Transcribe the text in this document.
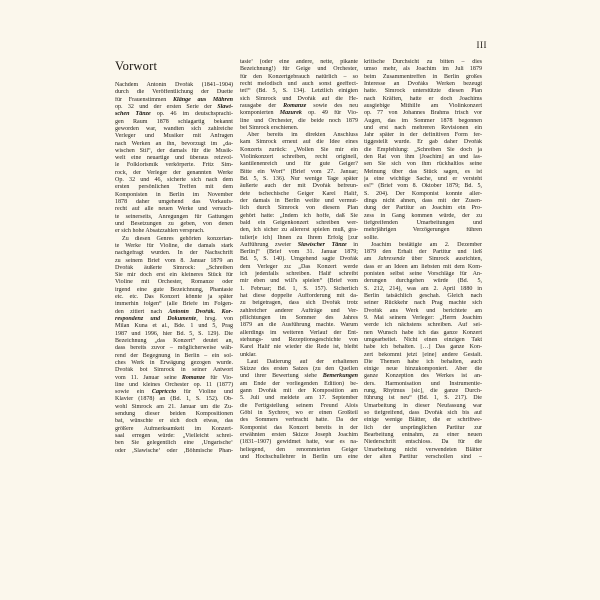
III
Vorwort
Nachdem Antonín Dvořák (1841–1904)
durch die Veröffentlichung der Duette
für Frauenstimmen Klänge aus Mähren
op. 32 und der ersten Serie der Slawi-
schen Tänze op. 46 im deutschsprachi-
gen Raum 1878 schlagartig bekannt
geworden war, wandten sich zahlreiche
Verleger und Musiker mit Anfragen
nach Werken an ihn, bevorzugt im „da-
wischen Stil“, der damals für die Musik-
welt eine neuartige und überaus reizvol-
le Folklorismik verkörperte. Fritz Sim-
rock, der Verleger der genannten Werke
Op. 32 und 46, sicherte sich nach dem
ersten persönlichen Treffen mit dem
Komponisten in Berlin im November
1878 daher umgehend das Vorkaufs-
recht auf alle neuen Werke und versuch-
te seinerseits, Anregungen für Gattungen
und Besetzungen zu geben, von denen
er sich hohe Absatzzahlen versprach.
Zu diesen Genres gehörten konzertan-
te Werke für Violine, die damals stark
nachgefragt wurden. In der Nachschrift
zu seinem Brief vom 8. Januar 1879 an
Dvořák äußerte Simrock: „Schreiben
Sie mir doch erst ein kleineres Stück für
Violine mit Orchester, Romanze oder
irgend eine gute Bezeichnung, Phantasie
etc. etc. Das Konzert könnte ja später
immerhin folgen“ (alle Briefe im Folgen-
den zitiert nach Antonín Dvořák. Kor-
respondenz und Dokumente, hrsg. von
Milan Kuna et al., Bde. 1 und 5, Prag
1987 und 1996, hier Bd. 5, S. 129). Die
Bezeichnung „das Konzert“ deutet an,
dass bereits zuvor – möglicherweise wäh-
rend der Begegnung in Berlin – ein sol-
ches Werk in Erwägung gezogen wurde.
Dvořák bot Simrock in seiner Antwort
vom 11. Januar seine Romanze für Vio-
line und kleines Orchester op. 11 (1877)
sowie ein Capriccio für Violine und
Klavier (1878) an (Bd. 1, S. 152). Ob-
wohl Simrock am 21. Januar um die Zu-
sendung dieser beiden Kompositionen
bat, wünschte er sich doch etwas, das
größere Aufmerksamkeit im Konzert-
saal erregen würde: „Vielleicht schrei-
ben Sie gelegentlich eine ‚Ungarische‘
oder ‚Slawische‘ oder ‚Böhmische Phan-
tasie‘ (oder eine andere, nette, pikante
Bezeichnung!) für Geige und Orchester,
für den Konzertgebrauch natürlich – so
recht melodisch und auch sonst geeffect-
tet!“ (Bd. 5, S. 134). Letztlich einigten
sich Simrock und Dvořák auf die He-
rausgabe der Romanze sowie des neu
komponierten Mazurek op. 49 für Vio-
line und Orchester, die beide noch 1879
bei Simrock erschienen.
Aber bereits im direkten Anschluss
kam Simrock erneut auf die Idee eines
Konzerts zurück: „Wollen Sie mir ein
Violinkonzert schreiben, recht originell,
kantilenenreich und für gute Geiger?
Bitte ein Wort“ (Brief vom 27. Januar;
Bd. 5, S. 136). Nur wenige Tage später
äußerte auch der mit Dvořák befreun-
dete tschechische Geiger Karel Halíř,
der damals in Berlin weilte und vermut-
lich durch Simrock von diesem Plan
gehört hatte: „Indem ich hoffe, daß Sie
bald ein Geigenkonzert schreiben wer-
den, ich sicher zu allererst spielen muß, gra-
tulier[e ich] Ihnen zu Ihrem Erfolg [zur
Aufführung zweier Slawischer Tänze in
Berlin]“ (Brief vom 31. Januar 1879;
Bd. 5, S. 140). Umgehend sagte Dvořák
dem Verleger zu: „Das Konzert werde
ich jedenfalls schreiben. Halíř schreibt
mir eben und will's spielen“ (Brief vom
1. Februar; Bd. 1, S. 157). Sicherlich
hat diese doppelte Aufforderung mit da-
zu beigetragen, dass sich Dvořák trotz
zahlreicher anderer Aufträge und Ver-
pflichtungen im Sommer des Jahres
1879 an die Ausführung machte. Warum
allerdings im weiteren Verlauf der Ent-
stehungs- und Rezeptionsgeschichte von
Karel Halíř nie wieder die Rede ist, bleibt
unklar.
Laut Datierung auf der erhaltenen
Skizze des ersten Satzes (zu den Quellen
und ihrer Bewertung siehe Bemerkungen
am Ende der vorliegenden Edition) be-
gann Dvořák mit der Komposition am
5. Juli und meldete am 17. September
die Fertigstellung seinem Freund Alois
Göbl in Sychrov, wo er einen Großteil
des Sommers verbracht hatte. Da der
Komponist das Konzert bereits in der
erwähnten ersten Skizze Joseph Joachim
(1831–1907) gewidmet hatte, war es na-
heliegend, den renommierten Geiger
und Hochschullehrer in Berlin um eine
kritische Durchsicht zu bitten – dies
umso mehr, als Joachim im Juli 1879
beim Zusammentreffen in Berlin großes
Interesse an Dvořáks Werken bezeugt
hatte. Simrock unterstützte diesen Plan
nach Kräften, hatte er doch Joachims
ausgiebige Mithilfe am Violinkonzert
op. 77 von Johannes Brahms frisch vor
Augen, das im Sommer 1878 begonnen
und erst nach mehreren Revisionen ein
Jahr später in der definitiven Form fer-
tiggestellt wurde. Er gab daher Dvořák
die Empfehlung: „Schreiben Sie doch ja
den Rat von ihm [Joachim] an und las-
sen Sie sich von ihm rückhaltlos seine
Meinung über das Stück sagen, es ist
ja eine wichtige Sache, und er versteht
es!“ (Brief vom 8. Oktober 1879; Bd. 5,
S. 204). Der Komponist konnte aller-
dings nicht ahnen, dass mit der Zusen-
dung der Partitur an Joachim ein Pro-
zess in Gang kommen würde, der zu
tiefgreifenden Umarbeitungen und
mehrjährigen Verzögerungen führen
sollte.
Joachim bestätigte am 2. Dezember
1879 den Erhalt der Partitur und ließ
am Jahresende über Simrock ausrichten,
dass er an Ideen am liebsten mit dem Kom-
ponisten selbst seine Vorschläge für Än-
derungen durchgehen würde (Bd. 5,
S. 212, 214), was am 2. April 1880 in
Berlin tatsächlich geschah. Gleich nach
seiner Rückkehr nach Prag machte sich
Dvořák ans Werk und berichtete am
9. Mai seinem Verleger: „Herrn Joachim
werde ich nächstens schreiben. Auf sei-
nen Wunsch habe ich das ganze Konzert
umgearbeitet. Nicht einen einzigen Takt
habe ich behalten. […] Das ganze Kon-
zert bekommt jetzt [eine] andere Gestalt.
Die Themen habe ich behalten, auch
einige neue hinzukomponiert. Aber die
ganze Konzeption des Werkes ist an-
ders. Harmonisation und Instrumentie-
rung, Rhytmus [sic], die ganze Durch-
führung ist neu“ (Bd. 1, S. 217). Die
Umarbeitung in dieser Neufassung war
so tiefgreifend, dass Dvořák sich bis auf
einige wenige Blätter, die er schriftwe-
lich der ursprünglichen Partitur zur
Bearbeitung entnahm, zu einer neuen
Niederschrift entschloss. Da für die
Umarbeitung nicht verwendeten Blätter
der alten Partitur verschollen sind –
